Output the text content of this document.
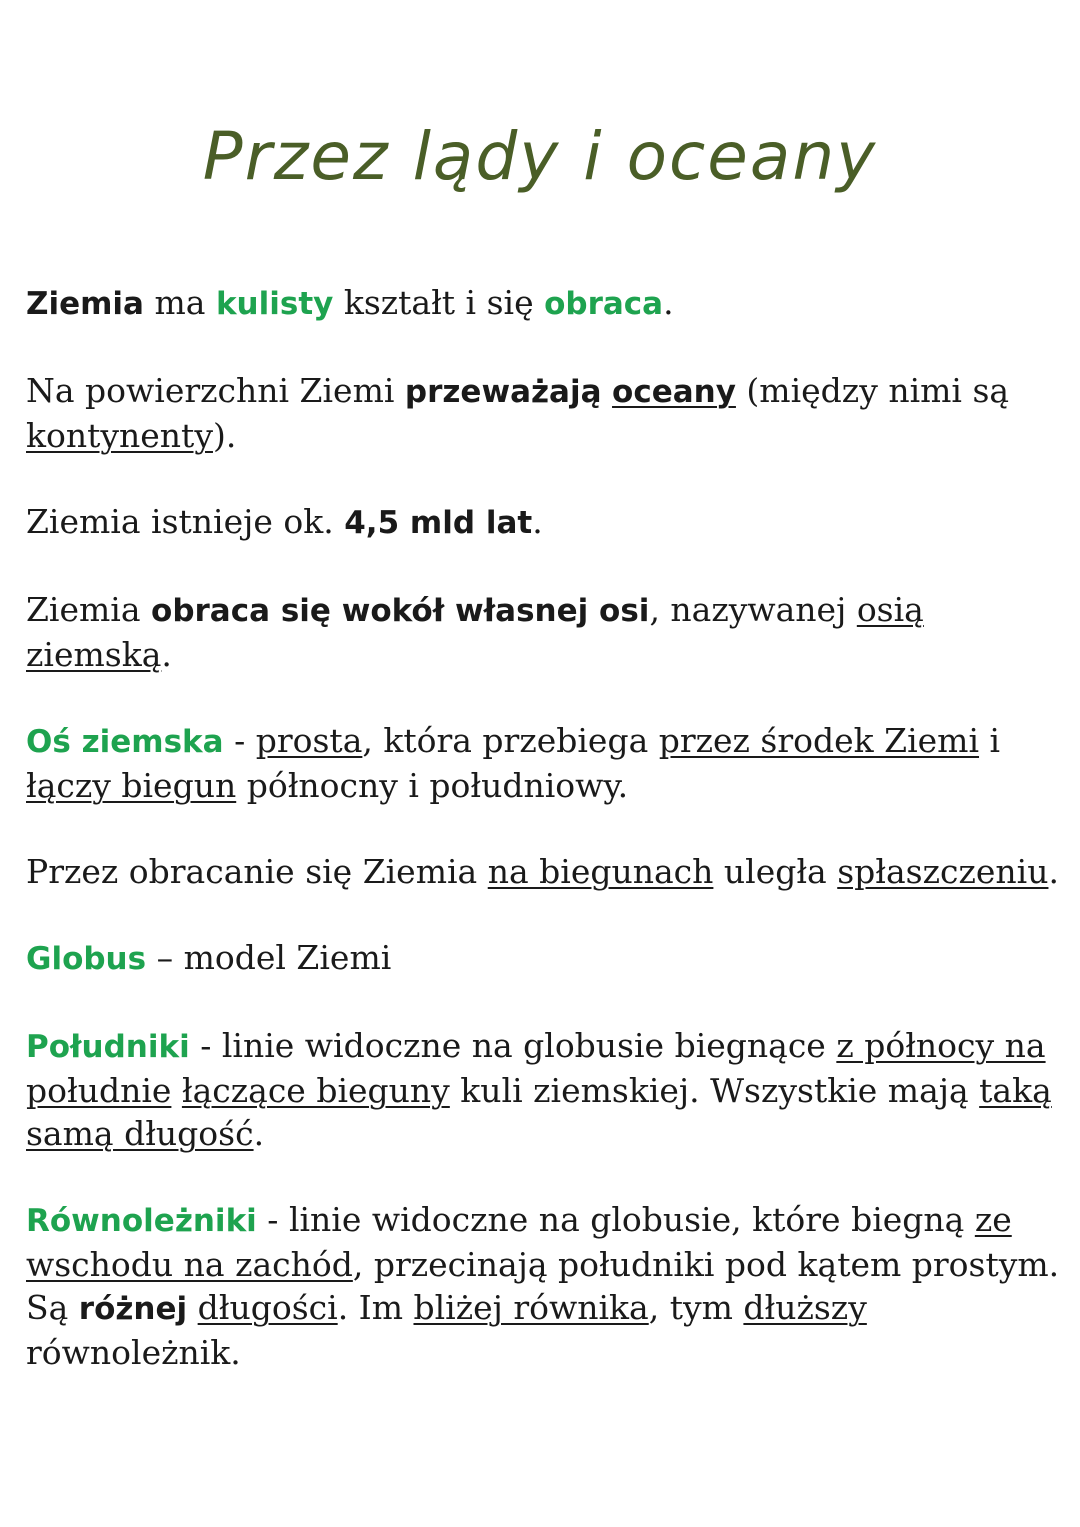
Przez lądy i oceany

Ziemia ma kulisty kształt i się obraca.

Na powierzchni Ziemi przeważają oceany (między nimi są kontynenty).

Ziemia istnieje ok. 4,5 mld lat.

Ziemia obraca się wokół własnej osi, nazywanej osią ziemską.

Oś ziemska - prosta, która przebiega przez środek Ziemi i łączy biegun północny i południowy.

Przez obracanie się Ziemia na biegunach uległa spłaszczeniu.

Globus – model Ziemi

Południki - linie widoczne na globusie biegnące z północy na południe łączące bieguny kuli ziemskiej. Wszystkie mają taką samą długość.

Równoleżniki - linie widoczne na globusie, które biegną ze wschodu na zachód, przecinają południki pod kątem prostym. Są różnej długości. Im bliżej równika, tym dłuższy równoleżnik.
